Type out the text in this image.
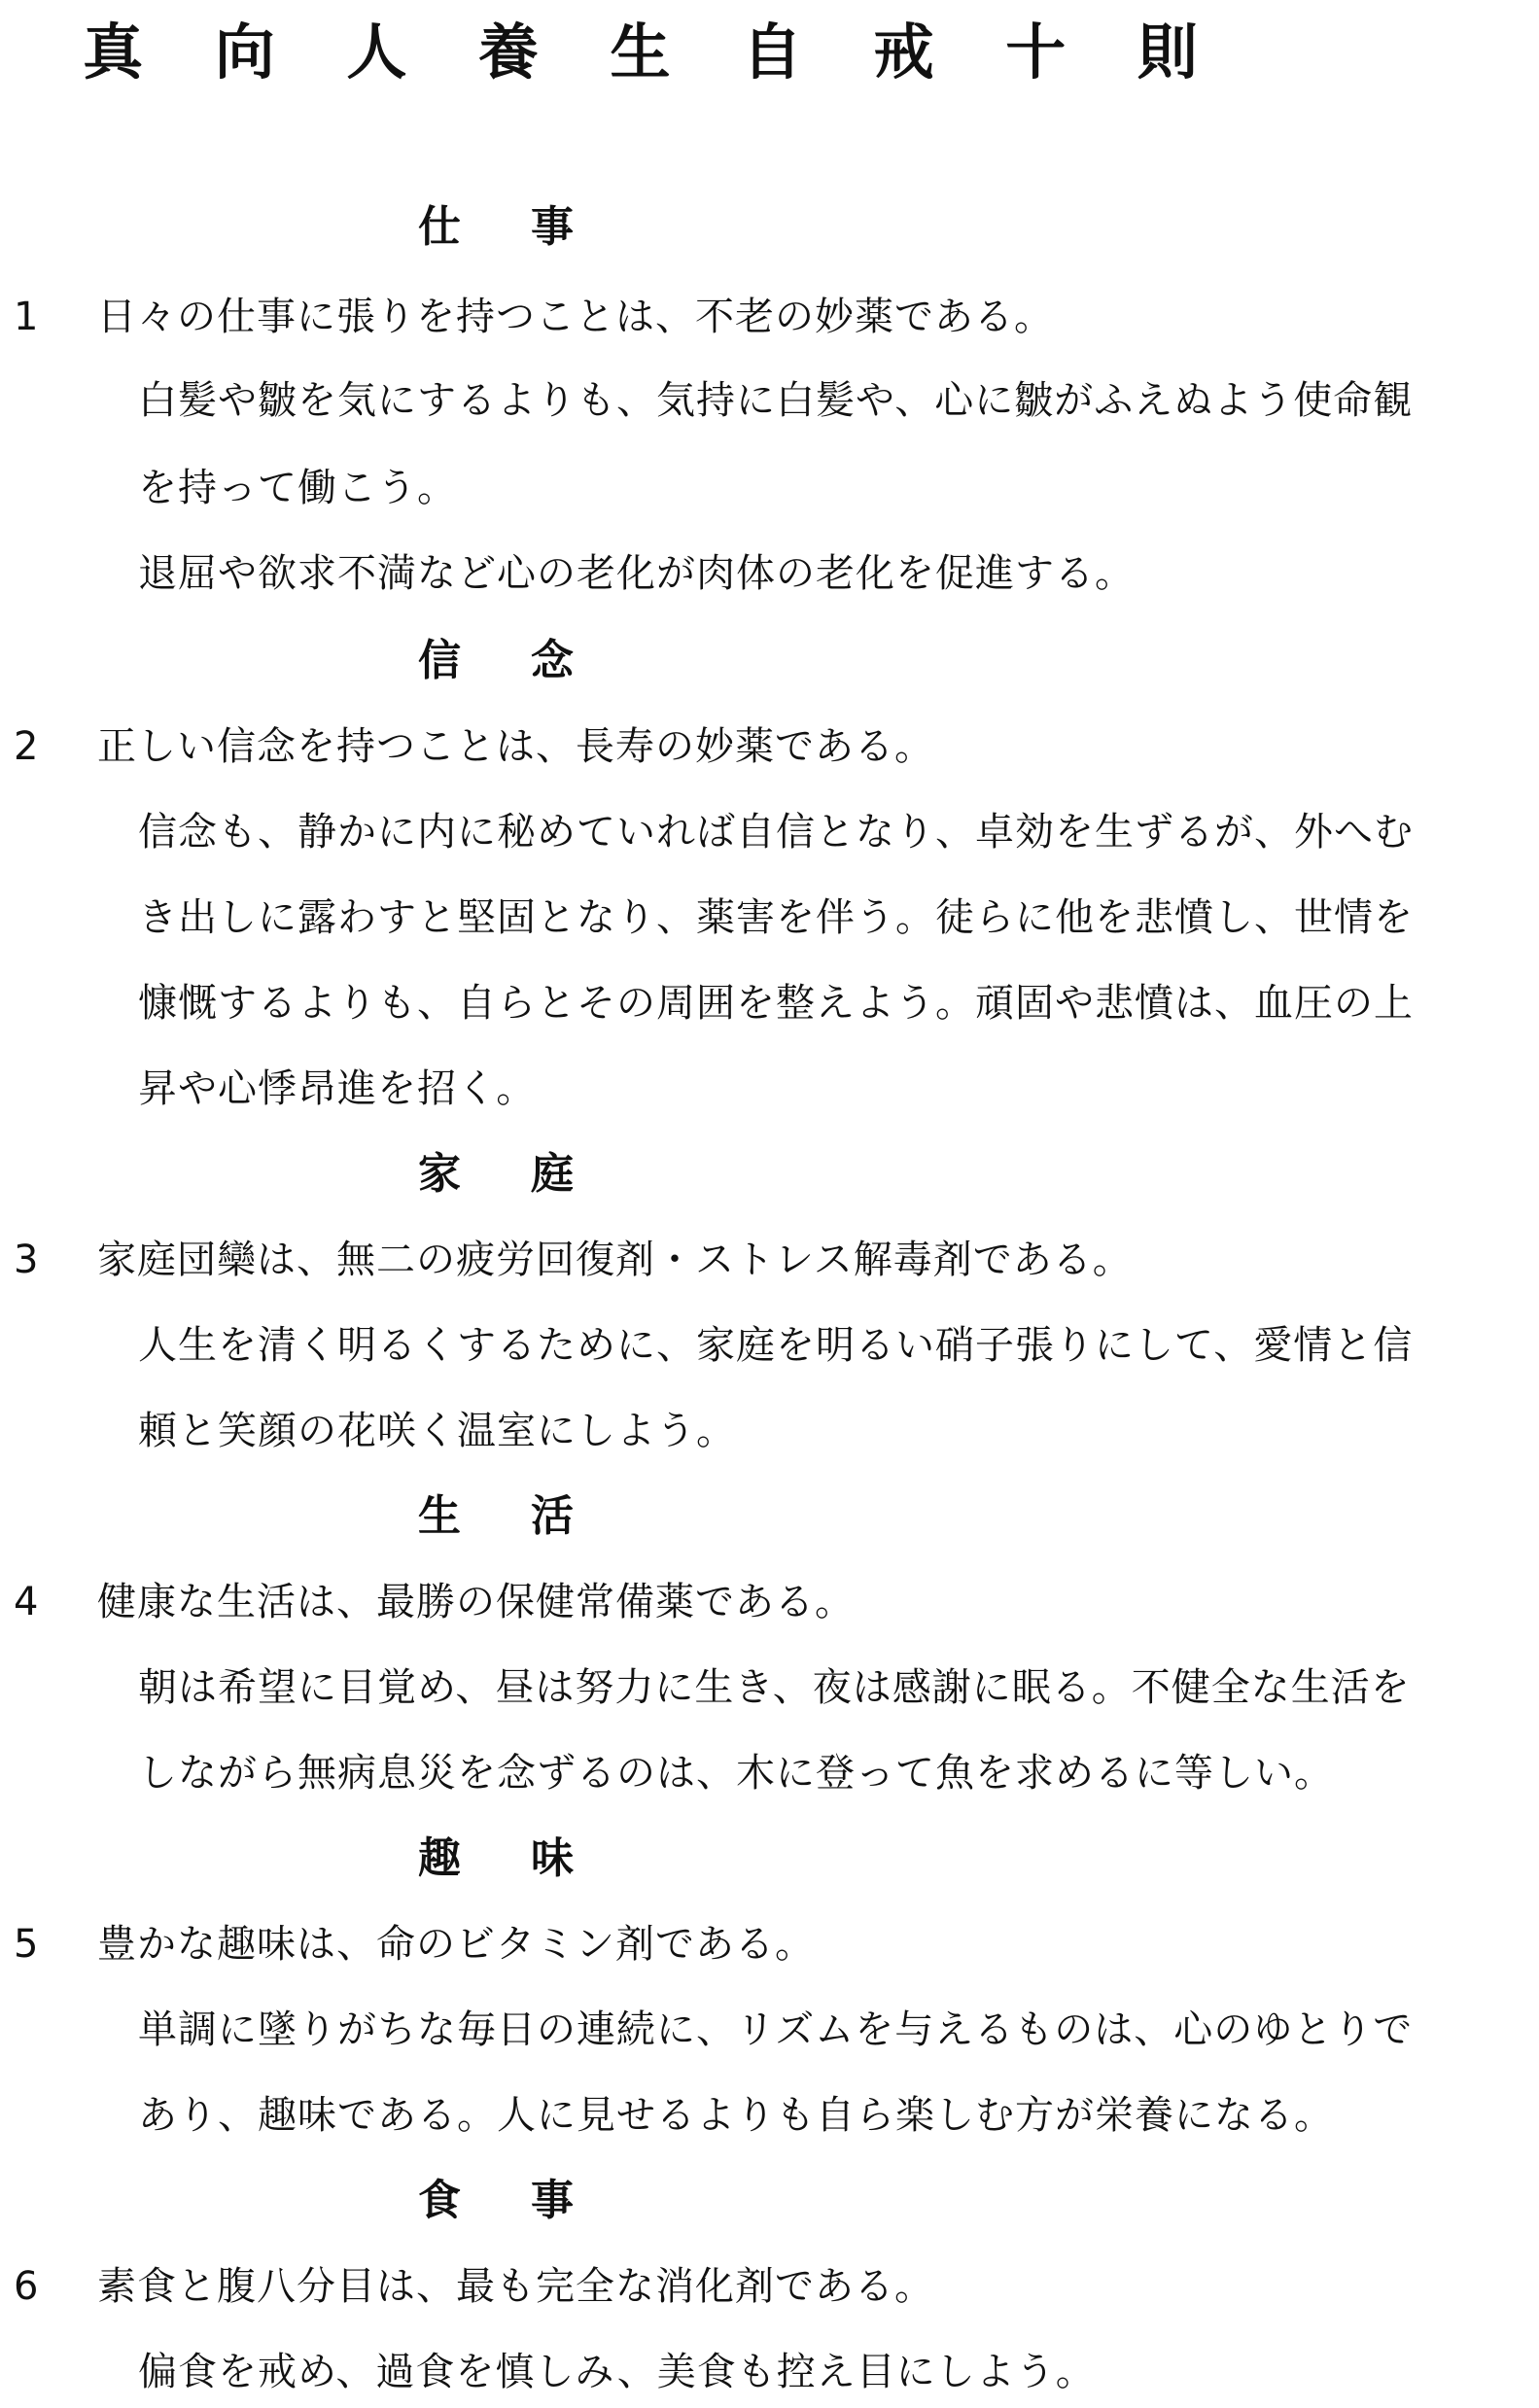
真 向 人 養 生 自 戒 十 則
仕 事
1 日々の仕事に張りを持つことは、不老の妙薬である。
白髪や皺を気にするよりも、気持に白髪や、心に皺がふえぬよう使命観
を持って働こう。
退屈や欲求不満など心の老化が肉体の老化を促進する。
信 念
2 正しい信念を持つことは、長寿の妙薬である。
信念も、静かに内に秘めていれば自信となり、卓効を生ずるが、外へむ
き出しに露わすと堅固となり、薬害を伴う。徒らに他を悲憤し、世情を
慷慨するよりも、自らとその周囲を整えよう。頑固や悲憤は、血圧の上
昇や心悸昂進を招く。
家 庭
3 家庭団欒は、無二の疲労回復剤・ストレス解毒剤である。
人生を清く明るくするために、家庭を明るい硝子張りにして、愛情と信
頼と笑顔の花咲く温室にしよう。
生 活
4 健康な生活は、最勝の保健常備薬である。
朝は希望に目覚め、昼は努力に生き、夜は感謝に眠る。不健全な生活を
しながら無病息災を念ずるのは、木に登って魚を求めるに等しい。
趣 味
5 豊かな趣味は、命のビタミン剤である。
単調に墜りがちな毎日の連続に、リズムを与えるものは、心のゆとりで
あり、趣味である。人に見せるよりも自ら楽しむ方が栄養になる。
食 事
6 素食と腹八分目は、最も完全な消化剤である。
偏食を戒め、過食を慎しみ、美食も控え目にしよう。
